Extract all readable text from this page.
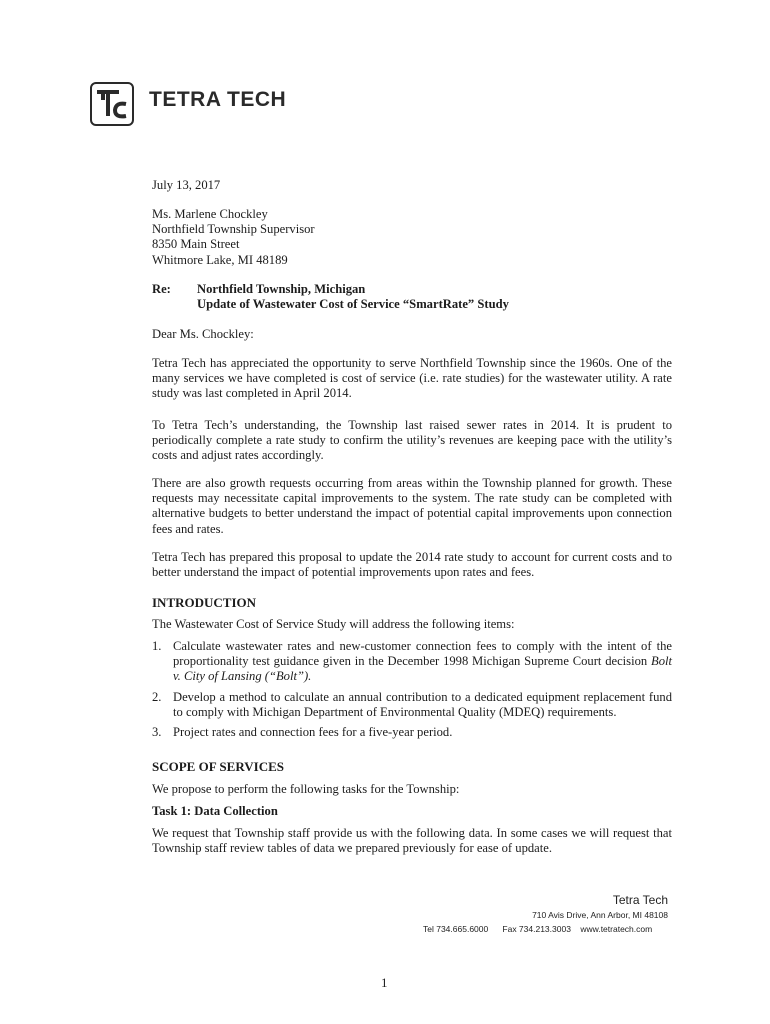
TETRA TECH
July 13, 2017
Ms. Marlene Chockley
Northfield Township Supervisor
8350 Main Street
Whitmore Lake, MI 48189
Re: Northfield Township, Michigan
Update of Wastewater Cost of Service “SmartRate” Study
Dear Ms. Chockley:

Tetra Tech has appreciated the opportunity to serve Northfield Township since the 1960s. One of the many services we have completed is cost of service (i.e. rate studies) for the wastewater utility. A rate study was last completed in April 2014.

To Tetra Tech’s understanding, the Township last raised sewer rates in 2014. It is prudent to periodically complete a rate study to confirm the utility’s revenues are keeping pace with the utility’s costs and adjust rates accordingly.

There are also growth requests occurring from areas within the Township planned for growth. These requests may necessitate capital improvements to the system. The rate study can be completed with alternative budgets to better understand the impact of potential capital improvements upon connection fees and rates.

Tetra Tech has prepared this proposal to update the 2014 rate study to account for current costs and to better understand the impact of potential improvements upon rates and fees.

INTRODUCTION
The Wastewater Cost of Service Study will address the following items:
1. Calculate wastewater rates and new-customer connection fees to comply with the intent of the proportionality test guidance given in the December 1998 Michigan Supreme Court decision Bolt v. City of Lansing (“Bolt”).

2. Develop a method to calculate an annual contribution to a dedicated equipment replacement fund to comply with Michigan Department of Environmental Quality (MDEQ) requirements.

3. Project rates and connection fees for a five-year period.

SCOPE OF SERVICES
We propose to perform the following tasks for the Township:
Task 1: Data Collection

We request that Township staff provide us with the following data. In some cases we will request that Township staff review tables of data we prepared previously for ease of update.

Tetra Tech
710 Avis Drive, Ann Arbor, MI 48108
Tel 734.665.6000 Fax 734.213.3003 www.tetratech.com
1
